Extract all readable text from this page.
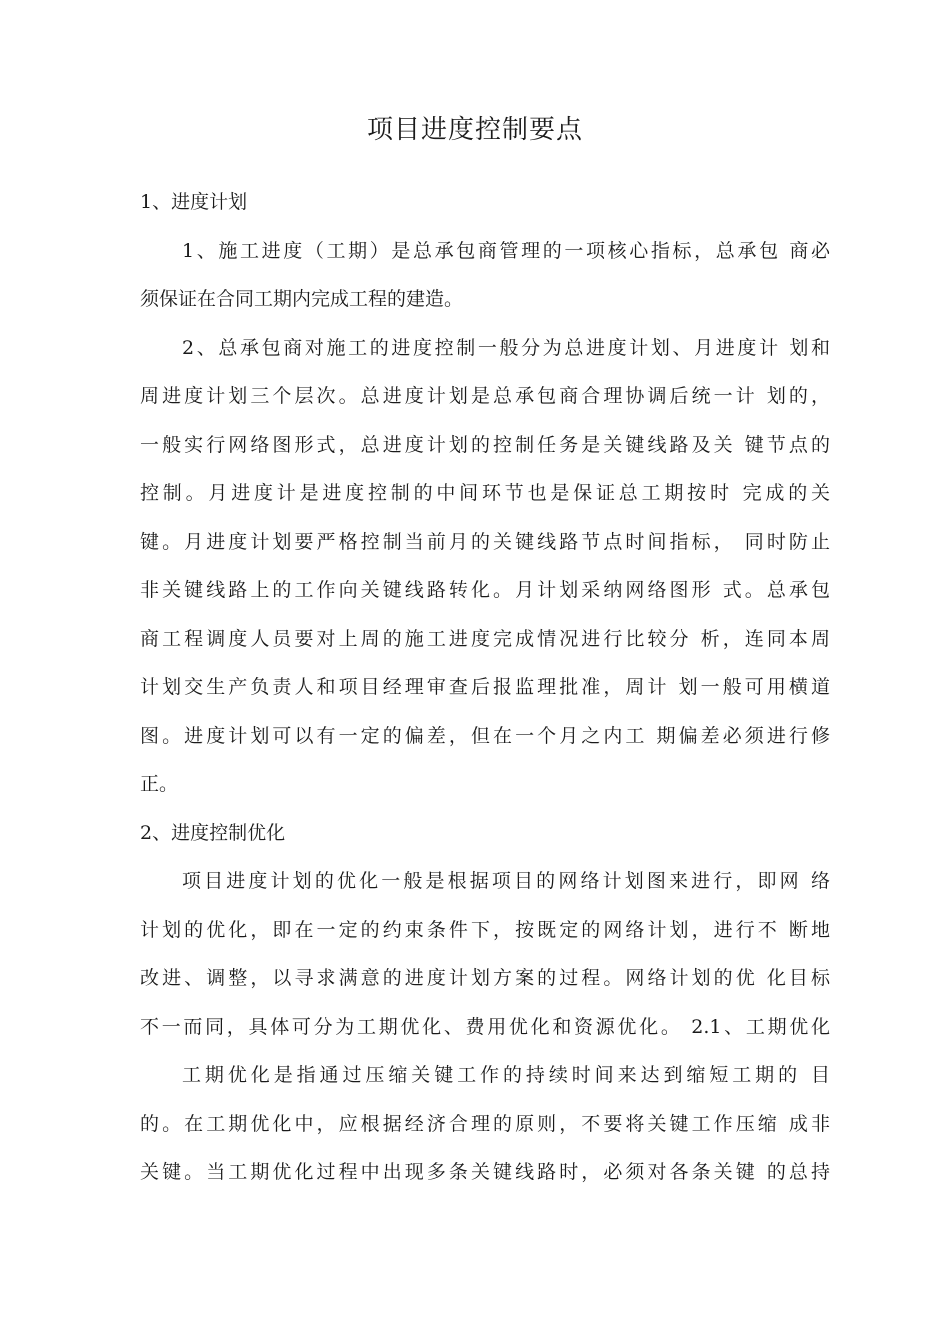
项目进度控制要点
1、进度计划
1、施工进度（工期）是总承包商管理的一项核心指标，总承包 商必
须保证在合同工期内完成工程的建造。
2、总承包商对施工的进度控制一般分为总进度计划、月进度计 划和
周进度计划三个层次。总进度计划是总承包商合理协调后统一计 划的，
一般实行网络图形式，总进度计划的控制任务是关键线路及关 键节点的
控制。月进度计是进度控制的中间环节也是保证总工期按时 完成的关
键。月进度计划要严格控制当前月的关键线路节点时间指标， 同时防止
非关键线路上的工作向关键线路转化。月计划采纳网络图形 式。总承包
商工程调度人员要对上周的施工进度完成情况进行比较分 析，连同本周
计划交生产负责人和项目经理审查后报监理批准，周计 划一般可用横道
图。进度计划可以有一定的偏差，但在一个月之内工 期偏差必须进行修
正。
2、进度控制优化
项目进度计划的优化一般是根据项目的网络计划图来进行，即网 络
计划的优化，即在一定的约束条件下，按既定的网络计划，进行不 断地
改进、调整，以寻求满意的进度计划方案的过程。网络计划的优 化目标
不一而同，具体可分为工期优化、费用优化和资源优化。 2.1、工期优化
工期优化是指通过压缩关键工作的持续时间来达到缩短工期的 目
的。在工期优化中，应根据经济合理的原则，不要将关键工作压缩 成非
关键。当工期优化过程中出现多条关键线路时，必须对各条关键 的总持
